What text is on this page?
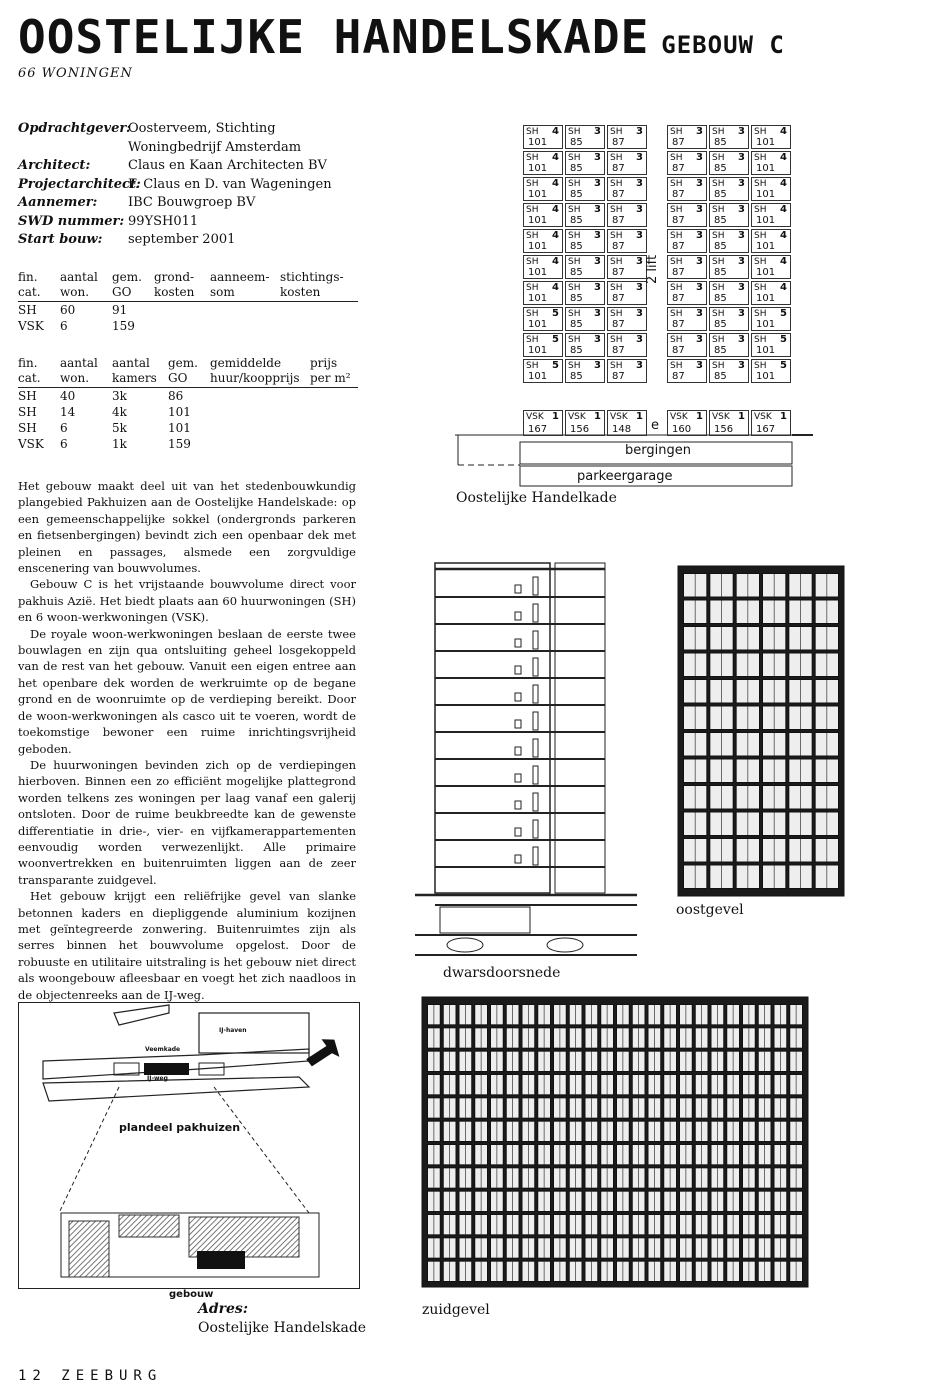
OOSTELIJKE HANDELSKADE GEBOUW C
66 WONINGEN
Opdrachtgever:
Oosterveem, Stichting Woningbedrijf Amsterdam
Architect:	Claus en Kaan Architecten BV
Projectarchitect:
F. Claus en D. van Wageningen
Aannemer:	IBC Bouwgroep BV
SWD nummer: 99YSH011
Start bouw:	september 2001
fin. cat.	aantal won.	gem. GO	grond- kosten	aanneem- som	stichtings- kosten
SH	60	91			
VSK	6	159			
fin. cat.	aantal won.	aantal kamers	gem. GO	gemiddelde huur/koopprijs	prijs per m²
SH	40	3k	86		
SH	14	4k	101		
SH	6	5k	101		
VSK	6	1k	159		

Het gebouw maakt deel uit van het stedenbouwkundig plangebied Pakhuizen aan de Oostelijke Handelskade: op een gemeenschappelijke sokkel (ondergronds parkeren en fietsenbergingen) bevindt zich een openbaar dek met pleinen en passages, alsmede een zorgvuldige enscenering van bouwvolumes.

Gebouw C is het vrijstaande bouwvolume direct voor pakhuis Azië. Het biedt plaats aan 60 huurwoningen (SH) en 6 woon-werkwoningen (VSK).

De royale woon-werkwoningen beslaan de eerste twee bouwlagen en zijn qua ontsluiting geheel losgekoppeld van de rest van het gebouw. Vanuit een eigen entree aan het openbare dek worden de werkruimte op de begane grond en de woonruimte op de verdieping bereikt. Door de woon-werkwoningen als casco uit te voeren, wordt de toekomstige bewoner een ruime inrichtingsvrijheid geboden.

De huurwoningen bevinden zich op de verdiepingen hierboven. Binnen een zo efficiënt mogelijke plattegrond worden telkens zes woningen per laag vanaf een galerij ontsloten. Door de ruime beukbreedte kan de gewenste differentiatie in drie-, vier- en vijfkamerappartementen eenvoudig worden verwezenlijkt. Alle primaire woonvertrekken en buitenruimten liggen aan de zeer transparante zuidgevel.

Het gebouw krijgt een reliëfrijke gevel van slanke betonnen kaders en diepliggende aluminium kozijnen met geïntegreerde zonwering. Buitenruimtes zijn als serres binnen het bouwvolume opgelost. Door de robuuste en utilitaire uitstraling is het gebouw niet direct als woongebouw afleesbaar en voegt het zich naadloos in de objectenreeks aan de IJ-weg.

IJ-haven
Veemkade
IJ-weg
plandeel pakhuizen
gebouw
Adres:
Oostelijke Handelskade
SH 4
101
SH 3
85
SH 3
87
SH 4
101
SH 3
85
SH 3
87
SH 4
101
SH 3
85
SH 3
87
SH 4
101
SH 3
85
SH 3
87
SH 4
101
SH 3
85
SH 3
87
SH 4
101
SH 3
85
SH 3
87
SH 4
101
SH 3
85
SH 3
87
SH 5
101
SH 3
85
SH 3
87
SH 5
101
SH 3
85
SH 3
87
SH 5
101
SH 3
85
SH 3
87
SH 3
87
SH 3
85
SH 4
101
SH 3
87
SH 3
85
SH 4
101
SH 3
87
SH 3
85
SH 4
101
SH 3
87
SH 3
85
SH 4
101
SH 3
87
SH 3
85
SH 4
101
SH 3
87
SH 3
85
SH 4
101
SH 3
87
SH 3
85
SH 4
101
SH 3
87
SH 3
85
SH 5
101
SH 3
87
SH 3
85
SH 5
101
SH 3
87
SH 3
85
SH 5
101
VSK 1
167
VSK 1
156
VSK 1
148
VSK 1
160
VSK 1
156
VSK 1
167
2 lift
e
bergingen
parkeergarage
Oostelijke Handelkade
dwarsdoorsnede
oostgevel
zuidgevel
12 ZEEBURG
